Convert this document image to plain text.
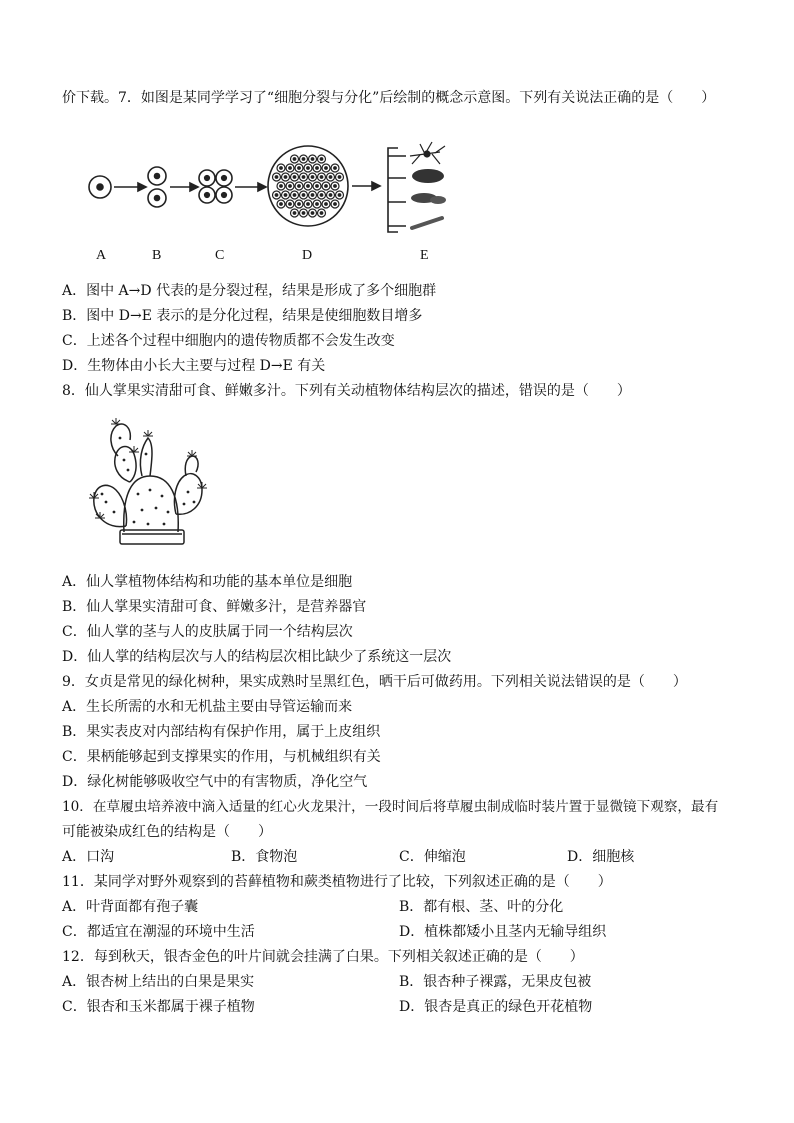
价下载。7．如图是某同学学习了“细胞分裂与分化”后绘制的概念示意图。下列有关说法正确的是（　　）
A	B	C	D	E
A．图中 A→D 代表的是分裂过程，结果是形成了多个细胞群
B．图中 D→E 表示的是分化过程，结果是使细胞数目增多
C．上述各个过程中细胞内的遗传物质都不会发生改变
D．生物体由小长大主要与过程 D→E 有关
8．仙人掌果实清甜可食、鲜嫩多汁。下列有关动植物体结构层次的描述，错误的是（　　）
A．仙人掌植物体结构和功能的基本单位是细胞
B．仙人掌果实清甜可食、鲜嫩多汁，是营养器官
C．仙人掌的茎与人的皮肤属于同一个结构层次
D．仙人掌的结构层次与人的结构层次相比缺少了系统这一层次
9．女贞是常见的绿化树种，果实成熟时呈黑红色，晒干后可做药用。下列相关说法错误的是（　　）
A．生长所需的水和无机盐主要由导管运输而来
B．果实表皮对内部结构有保护作用，属于上皮组织
C．果柄能够起到支撑果实的作用，与机械组织有关
D．绿化树能够吸收空气中的有害物质，净化空气
10．在草履虫培养液中滴入适量的红心火龙果汁，一段时间后将草履虫制成临时装片置于显微镜下观察，最有
可能被染成红色的结构是（　　）
A．口沟	B．食物泡	C．伸缩泡	D．细胞核
11．某同学对野外观察到的苔藓植物和蕨类植物进行了比较，下列叙述正确的是（　　）
A．叶背面都有孢子囊	B．都有根、茎、叶的分化
C．都适宜在潮湿的环境中生活	D．植株都矮小且茎内无输导组织
12．每到秋天，银杏金色的叶片间就会挂满了白果。下列相关叙述正确的是（　　）
A．银杏树上结出的白果是果实	B．银杏种子裸露，无果皮包被
C．银杏和玉米都属于裸子植物	D．银杏是真正的绿色开花植物
